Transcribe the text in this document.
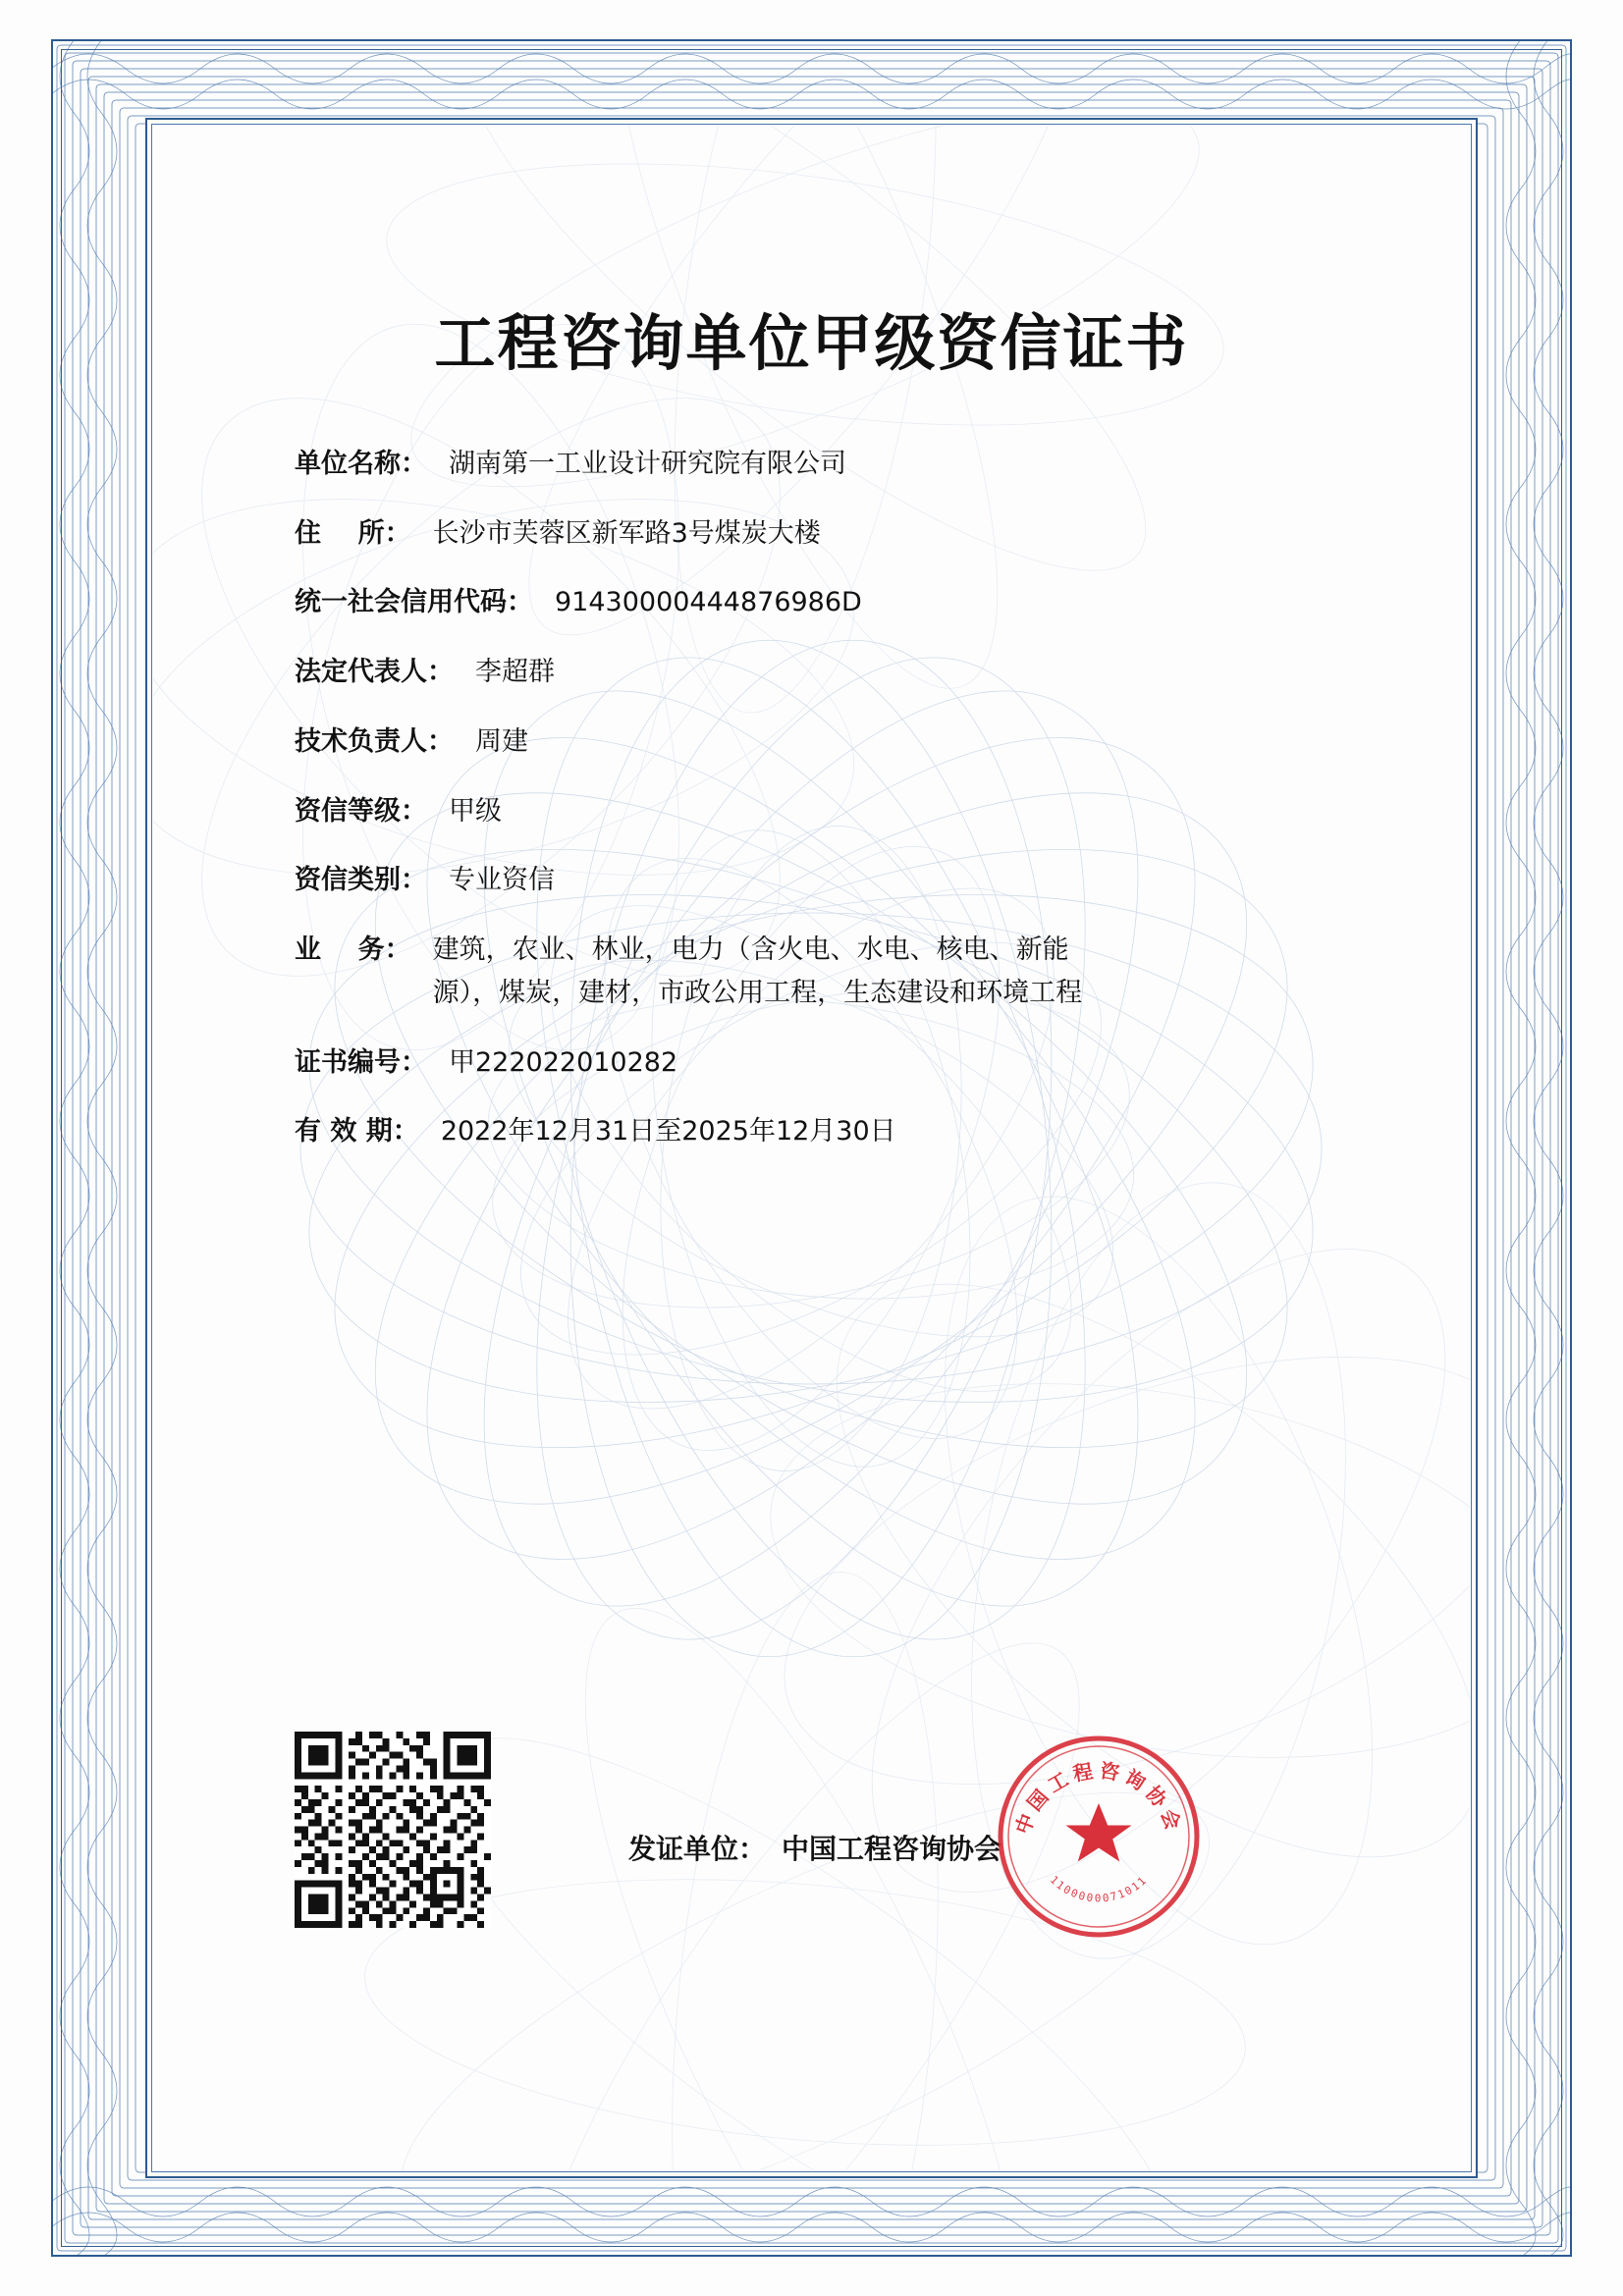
工程咨询单位甲级资信证书
单位名称： 湖南第一工业设计研究院有限公司
住    所： 长沙市芙蓉区新军路3号煤炭大楼
统一社会信用代码： 91430000444876986D
法定代表人： 李超群
技术负责人： 周建
资信等级： 甲级
资信类别： 专业资信
业    务： 建筑，农业、林业，电力（含火电、水电、核电、新能源），煤炭，建材，市政公用工程，生态建设和环境工程
证书编号： 甲222022010282
有 效 期： 2022年12月31日至2025年12月30日
发证单位： 中国工程咨询协会
中国工程咨询协会
1100000071011
